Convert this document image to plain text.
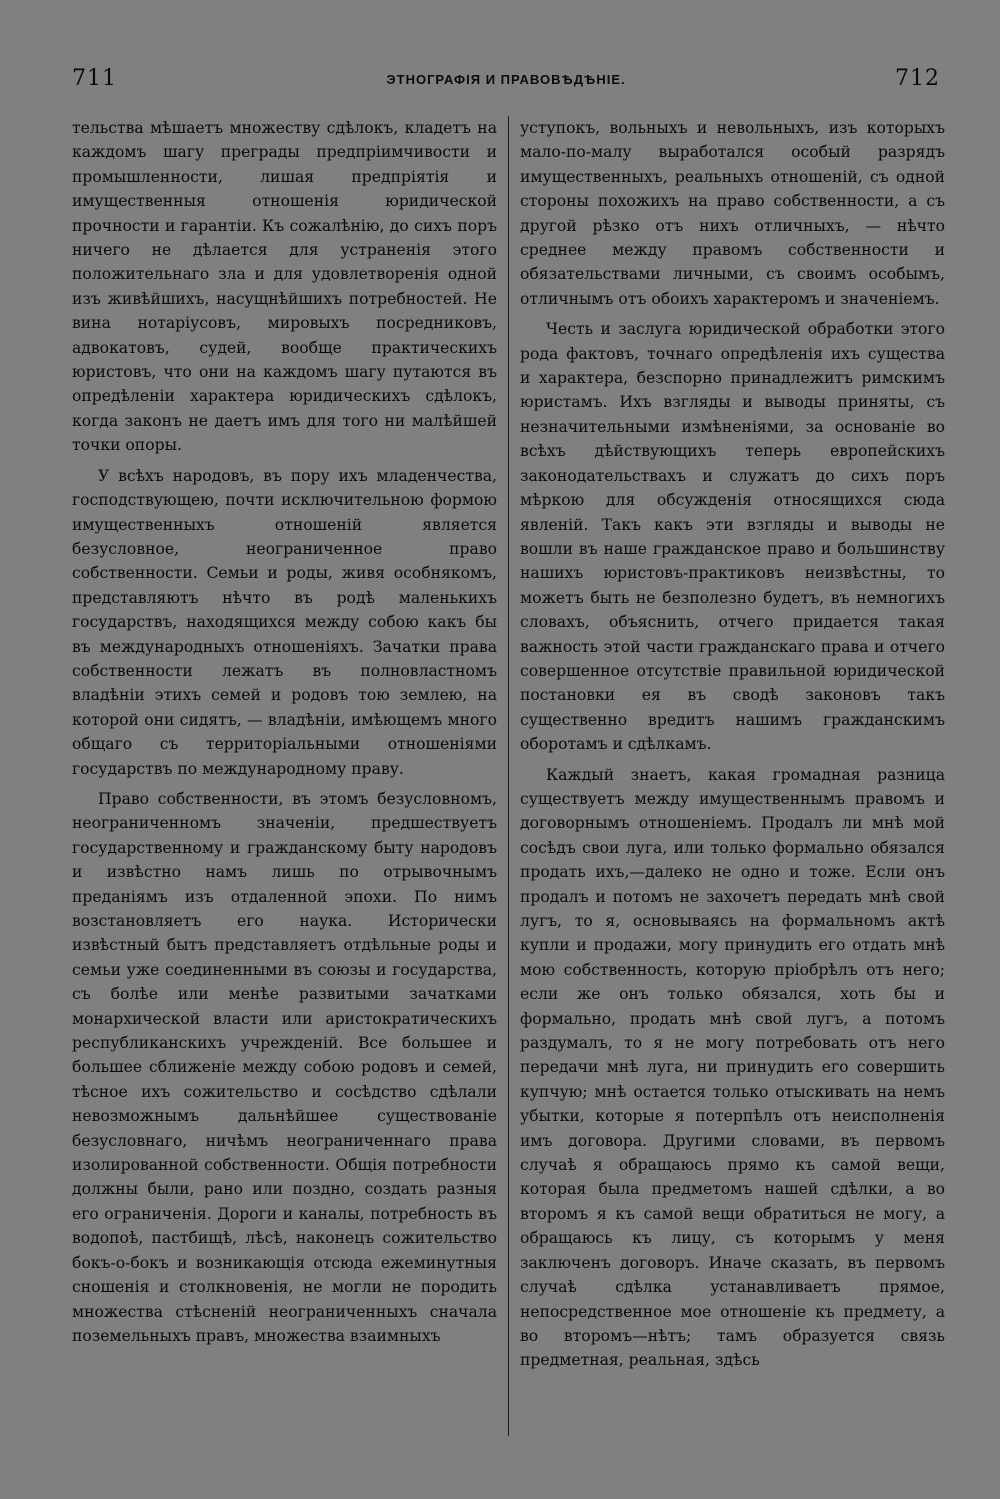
711	ЭТНОГРАФІЯ И ПРАВОВѢДѢНІЕ.	712

тельства мѣшаетъ множеству сдѣлокъ, кладетъ на каждомъ шагу преграды предпріимчивости и промышленности, лишая предпріятія и имущественныя отношенія юридической прочности и гарантіи. Къ сожалѣнію, до сихъ поръ ничего не дѣлается для устраненія этого положительнаго зла и для удовлетворенія одной изъ живѣйшихъ, насущнѣйшихъ потребностей. Не вина нотаріусовъ, мировыхъ посредниковъ, адвокатовъ, судей, вообще практическихъ юристовъ, что они на каждомъ шагу путаются въ опредѣленіи характера юридическихъ сдѣлокъ, когда законъ не даетъ имъ для того ни малѣйшей точки опоры.

У всѣхъ народовъ, въ пору ихъ младенчества, господствующею, почти исключительною формою имущественныхъ отношеній является безусловное, неограниченное право собственности. Семьи и роды, живя особнякомъ, представляютъ нѣчто въ родѣ маленькихъ государствъ, находящихся между собою какъ бы въ международныхъ отношеніяхъ. Зачатки права собственности лежатъ въ полновластномъ владѣніи этихъ семей и родовъ тою землею, на которой они сидятъ, — владѣніи, имѣющемъ много общаго съ территоріальными отношеніями государствъ по международному праву.

Право собственности, въ этомъ безусловномъ, неограниченномъ значеніи, предшествуетъ государственному и гражданскому быту народовъ и извѣстно намъ лишь по отрывочнымъ преданіямъ изъ отдаленной эпохи. По нимъ возстановляетъ его наука. Исторически извѣстный бытъ представляетъ отдѣльные роды и семьи уже соединенными въ союзы и государства, съ болѣе или менѣе развитыми зачатками монархической власти или аристократическихъ республиканскихъ учрежденій. Все большее и большее сближеніе между собою родовъ и семей, тѣсное ихъ сожительство и сосѣдство сдѣлали невозможнымъ дальнѣйшее существованіе безусловнаго, ничѣмъ неограниченнаго права изолированной собственности. Общія потребности должны были, рано или поздно, создать разныя его ограниченія. Дороги и каналы, потребность въ водопоѣ, пастбищѣ, лѣсѣ, наконецъ сожительство бокъ-о-бокъ и возникающія отсюда ежеминутныя сношенія и столкновенія, не могли не породить множества стѣсненій неограниченныхъ сначала поземельныхъ правъ, множества взаимныхъ

уступокъ, вольныхъ и невольныхъ, изъ которыхъ мало-по-малу выработался особый разрядъ имущественныхъ, реальныхъ отношеній, съ одной стороны похожихъ на право собственности, а съ другой рѣзко отъ нихъ отличныхъ, — нѣчто среднее между правомъ собственности и обязательствами личными, съ своимъ особымъ, отличнымъ отъ обоихъ характеромъ и значеніемъ.

Честь и заслуга юридической обработки этого рода фактовъ, точнаго опредѣленія ихъ существа и характера, безспорно принадлежитъ римскимъ юристамъ. Ихъ взгляды и выводы приняты, съ незначительными измѣненіями, за основаніе во всѣхъ дѣйствующихъ теперь европейскихъ законодательствахъ и служатъ до сихъ поръ мѣркою для обсужденія относящихся сюда явленій. Такъ какъ эти взгляды и выводы не вошли въ наше гражданское право и большинству нашихъ юристовъ-практиковъ неизвѣстны, то можетъ быть не безполезно будетъ, въ немногихъ словахъ, объяснить, отчего придается такая важность этой части гражданскаго права и отчего совершенное отсутствіе правильной юридической постановки ея въ сводѣ законовъ такъ существенно вредитъ нашимъ гражданскимъ оборотамъ и сдѣлкамъ.

Каждый знаетъ, какая громадная разница существуетъ между имущественнымъ правомъ и договорнымъ отношеніемъ. Продалъ ли мнѣ мой сосѣдъ свои луга, или только формально обязался продать ихъ,—далеко не одно и тоже. Если онъ продалъ и потомъ не захочетъ передать мнѣ свой лугъ, то я, основываясь на формальномъ актѣ купли и продажи, могу принудить его отдать мнѣ мою собственность, которую пріобрѣлъ отъ него; если же онъ только обязался, хоть бы и формально, продать мнѣ свой лугъ, а потомъ раздумалъ, то я не могу потребовать отъ него передачи мнѣ луга, ни принудить его совершить купчую; мнѣ остается только отыскивать на немъ убытки, которые я потерпѣлъ отъ неисполненія имъ договора. Другими словами, въ первомъ случаѣ я обращаюсь прямо къ самой вещи, которая была предметомъ нашей сдѣлки, а во второмъ я къ самой вещи обратиться не могу, а обращаюсь къ лицу, съ которымъ у меня заключенъ договоръ. Иначе сказать, въ первомъ случаѣ сдѣлка устанавливаетъ прямое, непосредственное мое отношеніе къ предмету, а во второмъ—нѣтъ; тамъ образуется связь предметная, реальная, здѣсь
